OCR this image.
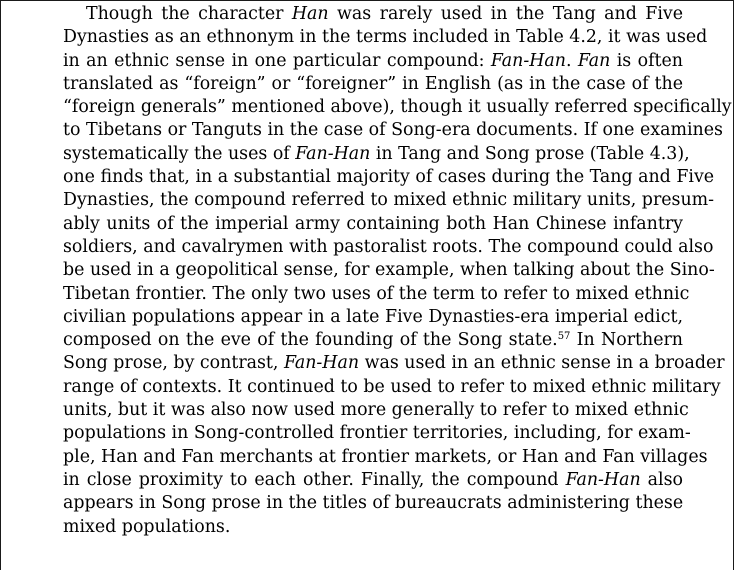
Though the character Han was rarely used in the Tang and Five
Dynasties as an ethnonym in the terms included in Table 4.2, it was used
in an ethnic sense in one particular compound: Fan-Han. Fan is often
translated as “foreign” or “foreigner” in English (as in the case of the
“foreign generals” mentioned above), though it usually referred specifically
to Tibetans or Tanguts in the case of Song-era documents. If one examines
systematically the uses of Fan-Han in Tang and Song prose (Table 4.3),
one finds that, in a substantial majority of cases during the Tang and Five
Dynasties, the compound referred to mixed ethnic military units, presum-
ably units of the imperial army containing both Han Chinese infantry
soldiers, and cavalrymen with pastoralist roots. The compound could also
be used in a geopolitical sense, for example, when talking about the Sino-
Tibetan frontier. The only two uses of the term to refer to mixed ethnic
civilian populations appear in a late Five Dynasties-era imperial edict,
composed on the eve of the founding of the Song state.$^{57}$ In Northern
Song prose, by contrast, Fan-Han was used in an ethnic sense in a broader
range of contexts. It continued to be used to refer to mixed ethnic military
units, but it was also now used more generally to refer to mixed ethnic
populations in Song-controlled frontier territories, including, for exam-
ple, Han and Fan merchants at frontier markets, or Han and Fan villages
in close proximity to each other. Finally, the compound Fan-Han also
appears in Song prose in the titles of bureaucrats administering these
mixed populations.
